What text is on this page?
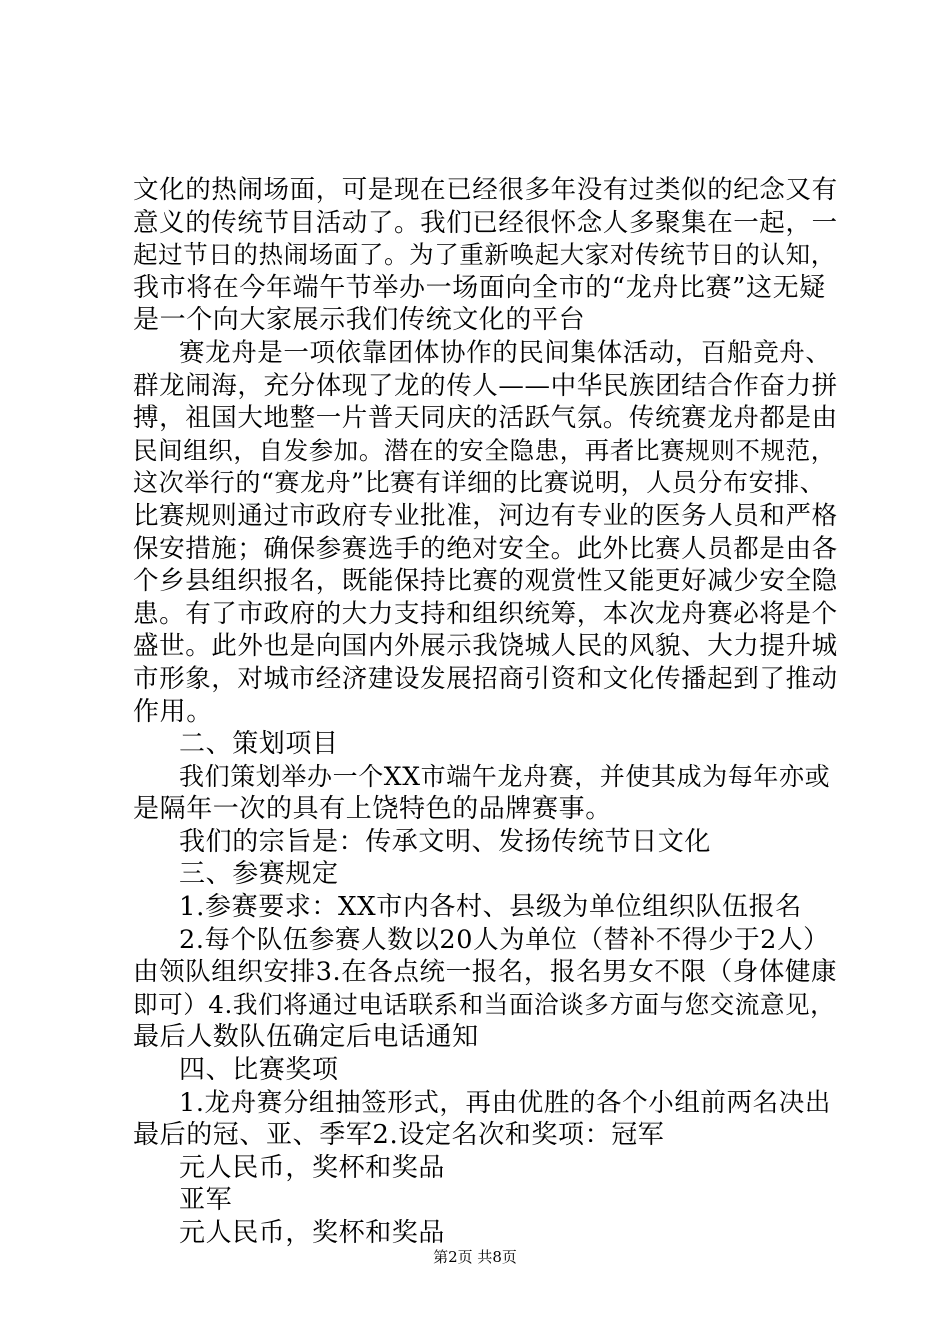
文化的热闹场面，可是现在已经很多年没有过类似的纪念又有
意义的传统节目活动了。我们已经很怀念人多聚集在一起，一
起过节日的热闹场面了。为了重新唤起大家对传统节日的认知，
我市将在今年端午节举办一场面向全市的“龙舟比赛”这无疑
是一个向大家展示我们传统文化的平台
赛龙舟是一项依靠团体协作的民间集体活动，百船竞舟、
群龙闹海，充分体现了龙的传人——中华民族团结合作奋力拼
搏，祖国大地整一片普天同庆的活跃气氛。传统赛龙舟都是由
民间组织，自发参加。潜在的安全隐患，再者比赛规则不规范，
这次举行的“赛龙舟”比赛有详细的比赛说明，人员分布安排、
比赛规则通过市政府专业批准，河边有专业的医务人员和严格
保安措施；确保参赛选手的绝对安全。此外比赛人员都是由各
个乡县组织报名，既能保持比赛的观赏性又能更好减少安全隐
患。有了市政府的大力支持和组织统筹，本次龙舟赛必将是个
盛世。此外也是向国内外展示我饶城人民的风貌、大力提升城
市形象，对城市经济建设发展招商引资和文化传播起到了推动
作用。
二、策划项目
我们策划举办一个XX市端午龙舟赛，并使其成为每年亦或
是隔年一次的具有上饶特色的品牌赛事。
我们的宗旨是：传承文明、发扬传统节日文化
三、参赛规定
1.参赛要求：XX市内各村、县级为单位组织队伍报名
2.每个队伍参赛人数以20人为单位（替补不得少于2人）
由领队组织安排3.在各点统一报名，报名男女不限（身体健康
即可）4.我们将通过电话联系和当面洽谈多方面与您交流意见，
最后人数队伍确定后电话通知
四、比赛奖项
1.龙舟赛分组抽签形式，再由优胜的各个小组前两名决出
最后的冠、亚、季军2.设定名次和奖项：冠军
元人民币，奖杯和奖品
亚军
元人民币，奖杯和奖品
第2页 共8页
